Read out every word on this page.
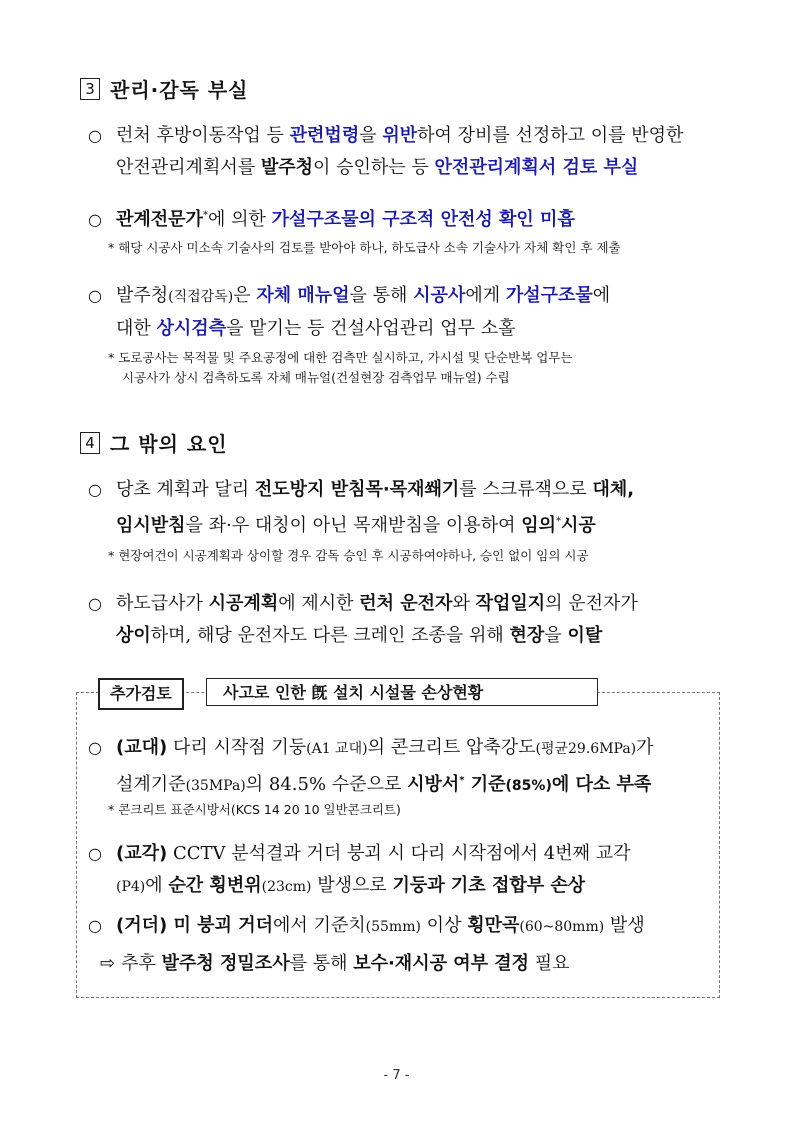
3 관리·감독 부실
○ 런처 후방이동작업 등 관련법령을 위반하여 장비를 선정하고 이를 반영한
안전관리계획서를 발주청이 승인하는 등 안전관리계획서 검토 부실
○ 관계전문가*에 의한 가설구조물의 구조적 안전성 확인 미흡
* 해당 시공사 미소속 기술사의 검토를 받아야 하나, 하도급사 소속 기술사가 자체 확인 후 제출
○ 발주청(직접감독)은 자체 매뉴얼을 통해 시공사에게 가설구조물에
대한 상시검측을 맡기는 등 건설사업관리 업무 소홀
* 도로공사는 목적물 및 주요공정에 대한 검측만 실시하고, 가시설 및 단순반복 업무는
시공사가 상시 검측하도록 자체 매뉴얼(건설현장 검측업무 매뉴얼) 수립
4 그 밖의 요인
○ 당초 계획과 달리 전도방지 받침목·목재쐐기를 스크류잭으로 대체,
임시받침을 좌·우 대칭이 아닌 목재받침을 이용하여 임의*시공
* 현장여건이 시공계획과 상이할 경우 감독 승인 후 시공하여야하나, 승인 없이 임의 시공
○ 하도급사가 시공계획에 제시한 런처 운전자와 작업일지의 운전자가
상이하며, 해당 운전자도 다른 크레인 조종을 위해 현장을 이탈
추가검토	사고로 인한 旣 설치 시설물 손상현황
○ (교대) 다리 시작점 기둥(A1 교대)의 콘크리트 압축강도(평균29.6MPa)가
설계기준(35MPa)의 84.5% 수준으로 시방서* 기준(85%)에 다소 부족
* 콘크리트 표준시방서(KCS 14 20 10 일반콘크리트)
○ (교각) CCTV 분석결과 거더 붕괴 시 다리 시작점에서 4번째 교각
(P4)에 순간 횡변위(23cm) 발생으로 기둥과 기초 접합부 손상
○ (거더) 미 붕괴 거더에서 기준치(55mm) 이상 횡만곡(60~80mm) 발생
⇨ 추후 발주청 정밀조사를 통해 보수·재시공 여부 결정 필요
- 7 -
